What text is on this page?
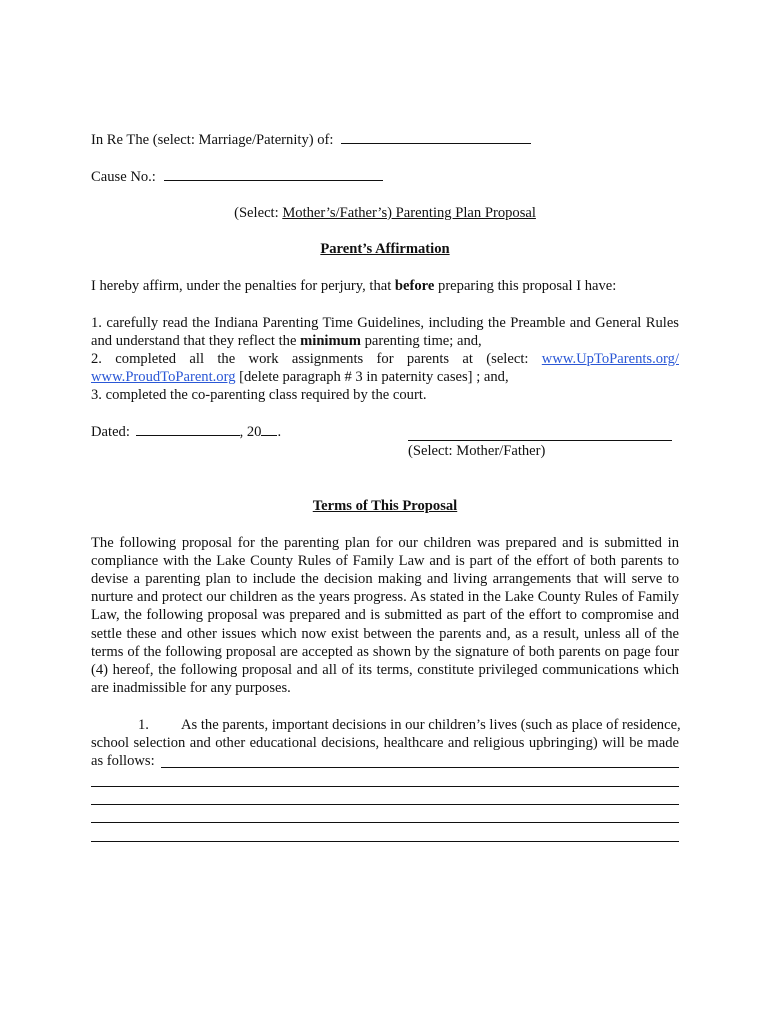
In Re The (select: Marriage/Paternity) of:
Cause No.:
(Select: Mother’s/Father’s) Parenting Plan Proposal
Parent’s Affirmation
I hereby affirm, under the penalties for perjury, that before preparing this proposal I have:
1. carefully read the Indiana Parenting Time Guidelines, including the Preamble and General Rules
and understand that they reflect the minimum parenting time; and,
2. completed all the work assignments for parents at (select: www.UpToParents.org/
www.ProudToParent.org [delete paragraph # 3 in paternity cases] ; and,
3. completed the co-parenting class required by the court.
Dated:	, 20 .
(Select: Mother/Father)
Terms of This Proposal
The following proposal for the parenting plan for our children was prepared and is submitted in
compliance with the Lake County Rules of Family Law and is part of the effort of both parents to
devise a parenting plan to include the decision making and living arrangements that will serve to
nurture and protect our children as the years progress. As stated in the Lake County Rules of Family
Law, the following proposal was prepared and is submitted as part of the effort to compromise and
settle these and other issues which now exist between the parents and, as a result, unless all of the
terms of the following proposal are accepted as shown by the signature of both parents on page four
(4) hereof, the following proposal and all of its terms, constitute privileged communications which
are inadmissible for any purposes.
1. As the parents, important decisions in our children’s lives (such as place of residence,
school selection and other educational decisions, healthcare and religious upbringing) will be made
as follows:
